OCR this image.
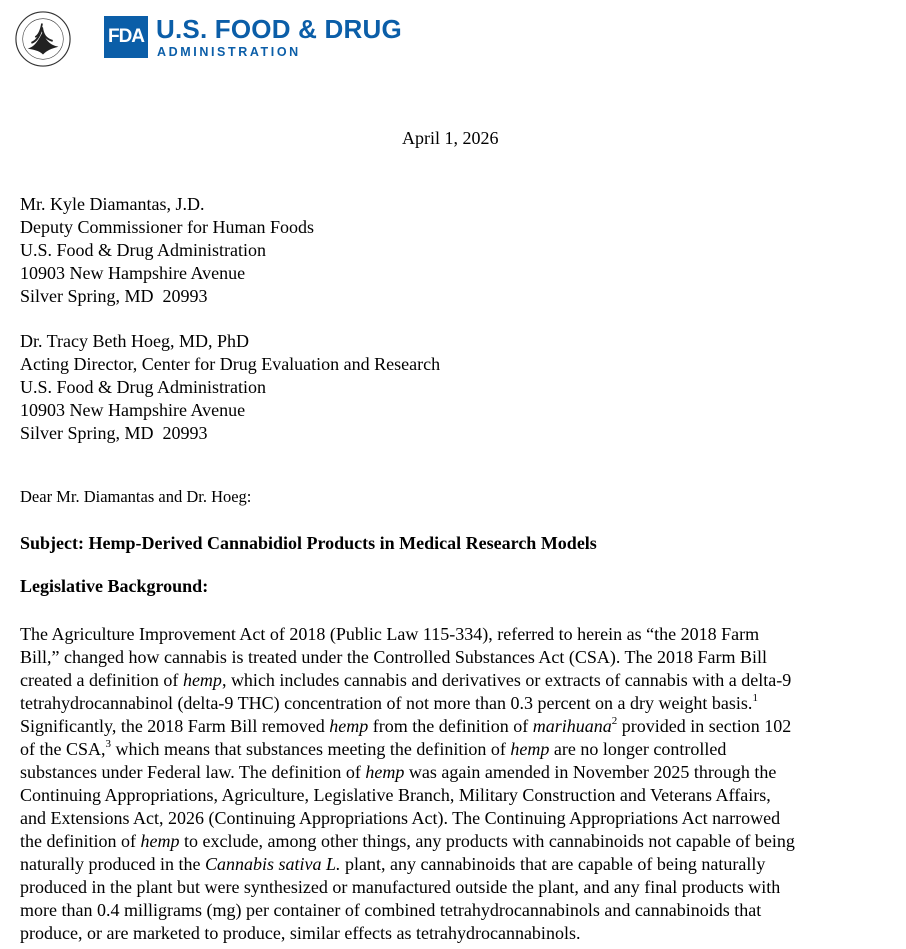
FDA U.S. FOOD & DRUG
ADMINISTRATION
April 1, 2026
Mr. Kyle Diamantas, J.D.
Deputy Commissioner for Human Foods
U.S. Food & Drug Administration
10903 New Hampshire Avenue
Silver Spring, MD  20993
Dr. Tracy Beth Hoeg, MD, PhD
Acting Director, Center for Drug Evaluation and Research
U.S. Food & Drug Administration
10903 New Hampshire Avenue
Silver Spring, MD  20993
Dear Mr. Diamantas and Dr. Hoeg:
Subject: Hemp-Derived Cannabidiol Products in Medical Research Models
Legislative Background:
The Agriculture Improvement Act of 2018 (Public Law 115-334), referred to herein as “the 2018 Farm
Bill,” changed how cannabis is treated under the Controlled Substances Act (CSA). The 2018 Farm Bill
created a definition of hemp, which includes cannabis and derivatives or extracts of cannabis with a delta-9
tetrahydrocannabinol (delta-9 THC) concentration of not more than 0.3 percent on a dry weight basis.$^1$
Significantly, the 2018 Farm Bill removed hemp from the definition of marihuana$^2$ provided in section 102
of the CSA,$^3$ which means that substances meeting the definition of hemp are no longer controlled
substances under Federal law. The definition of hemp was again amended in November 2025 through the
Continuing Appropriations, Agriculture, Legislative Branch, Military Construction and Veterans Affairs,
and Extensions Act, 2026 (Continuing Appropriations Act). The Continuing Appropriations Act narrowed
the definition of hemp to exclude, among other things, any products with cannabinoids not capable of being
naturally produced in the Cannabis sativa L. plant, any cannabinoids that are capable of being naturally
produced in the plant but were synthesized or manufactured outside the plant, and any final products with
more than 0.4 milligrams (mg) per container of combined tetrahydrocannabinols and cannabinoids that
produce, or are marketed to produce, similar effects as tetrahydrocannabinols.
